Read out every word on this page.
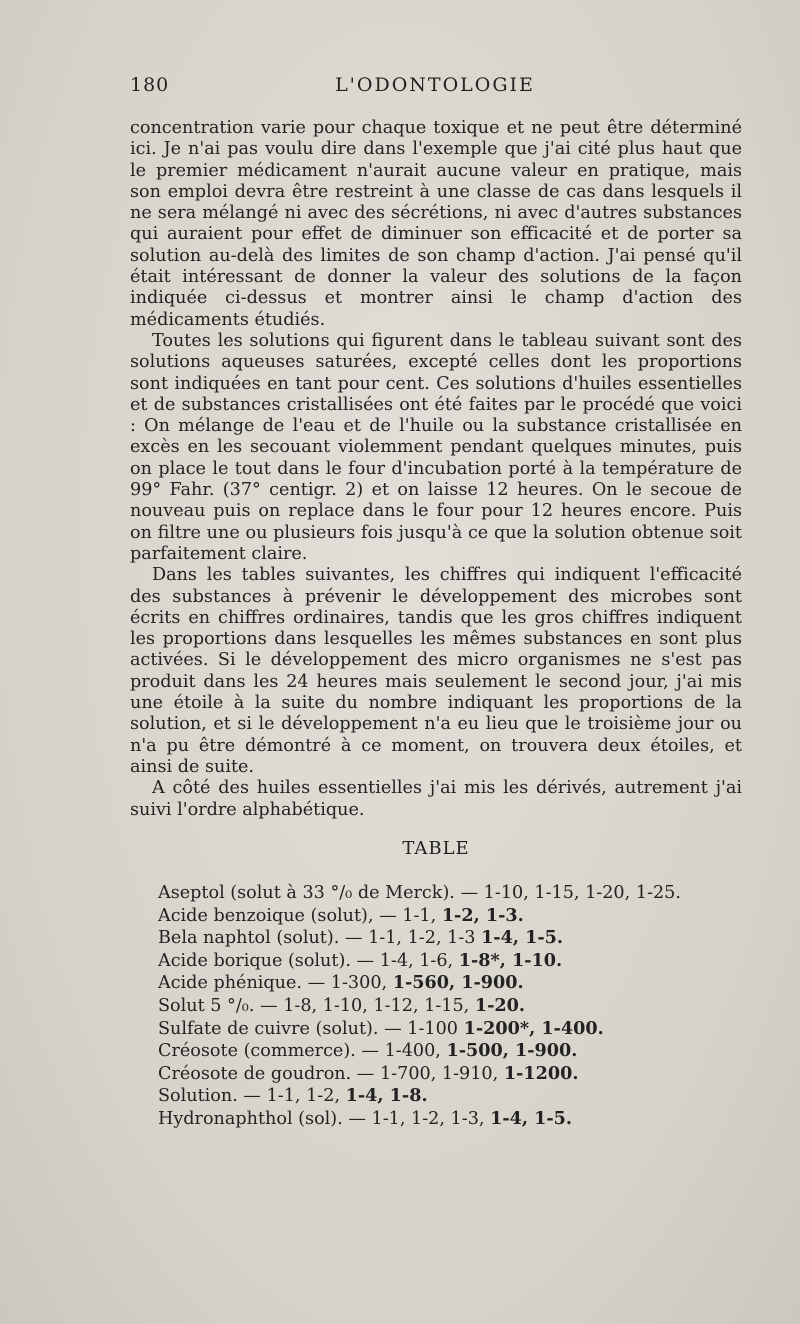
180	L'ODONTOLOGIE

concentration varie pour chaque toxique et ne peut être déterminé ici. Je n'ai pas voulu dire dans l'exemple que j'ai cité plus haut que le premier médicament n'aurait aucune valeur en pratique, mais son emploi devra être restreint à une classe de cas dans lesquels il ne sera mélangé ni avec des sécrétions, ni avec d'autres substances qui auraient pour effet de diminuer son efficacité et de porter sa solution au-delà des limites de son champ d'action. J'ai pensé qu'il était intéressant de donner la valeur des solutions de la façon indiquée ci-dessus et montrer ainsi le champ d'action des médicaments étudiés.

Toutes les solutions qui figurent dans le tableau suivant sont des solutions aqueuses saturées, excepté celles dont les proportions sont indiquées en tant pour cent. Ces solutions d'huiles essentielles et de substances cristallisées ont été faites par le procédé que voici : On mélange de l'eau et de l'huile ou la substance cristallisée en excès en les secouant violemment pendant quelques minutes, puis on place le tout dans le four d'incubation porté à la température de 99° Fahr. (37° centigr. 2) et on laisse 12 heures. On le secoue de nouveau puis on replace dans le four pour 12 heures encore. Puis on filtre une ou plusieurs fois jusqu'à ce que la solution obtenue soit parfaitement claire.

Dans les tables suivantes, les chiffres qui indiquent l'efficacité des substances à prévenir le développement des microbes sont écrits en chiffres ordinaires, tandis que les gros chiffres indiquent les proportions dans lesquelles les mêmes substances en sont plus activées. Si le développement des micro organismes ne s'est pas produit dans les 24 heures mais seulement le second jour, j'ai mis une étoile à la suite du nombre indiquant les proportions de la solution, et si le développement n'a eu lieu que le troisième jour ou n'a pu être démontré à ce moment, on trouvera deux étoiles, et ainsi de suite.

A côté des huiles essentielles j'ai mis les dérivés, autrement j'ai suivi l'ordre alphabétique.

TABLE
Aseptol (solut à 33 °/₀ de Merck). — 1-10, 1-15, 1-20, 1-25.
Acide benzoique (solut), — 1-1, 1-2, 1-3.
Bela naphtol (solut). — 1-1, 1-2, 1-3 1-4, 1-5.
Acide borique (solut). — 1-4, 1-6, 1-8*, 1-10.
Acide phénique. — 1-300, 1-560, 1-900.
Solut 5 °/₀. — 1-8, 1-10, 1-12, 1-15, 1-20.
Sulfate de cuivre (solut). — 1-100 1-200*, 1-400.
Créosote (commerce). — 1-400, 1-500, 1-900.
Créosote de goudron. — 1-700, 1-910, 1-1200.
Solution. — 1-1, 1-2, 1-4, 1-8.
Hydronaphthol (sol). — 1-1, 1-2, 1-3, 1-4, 1-5.
